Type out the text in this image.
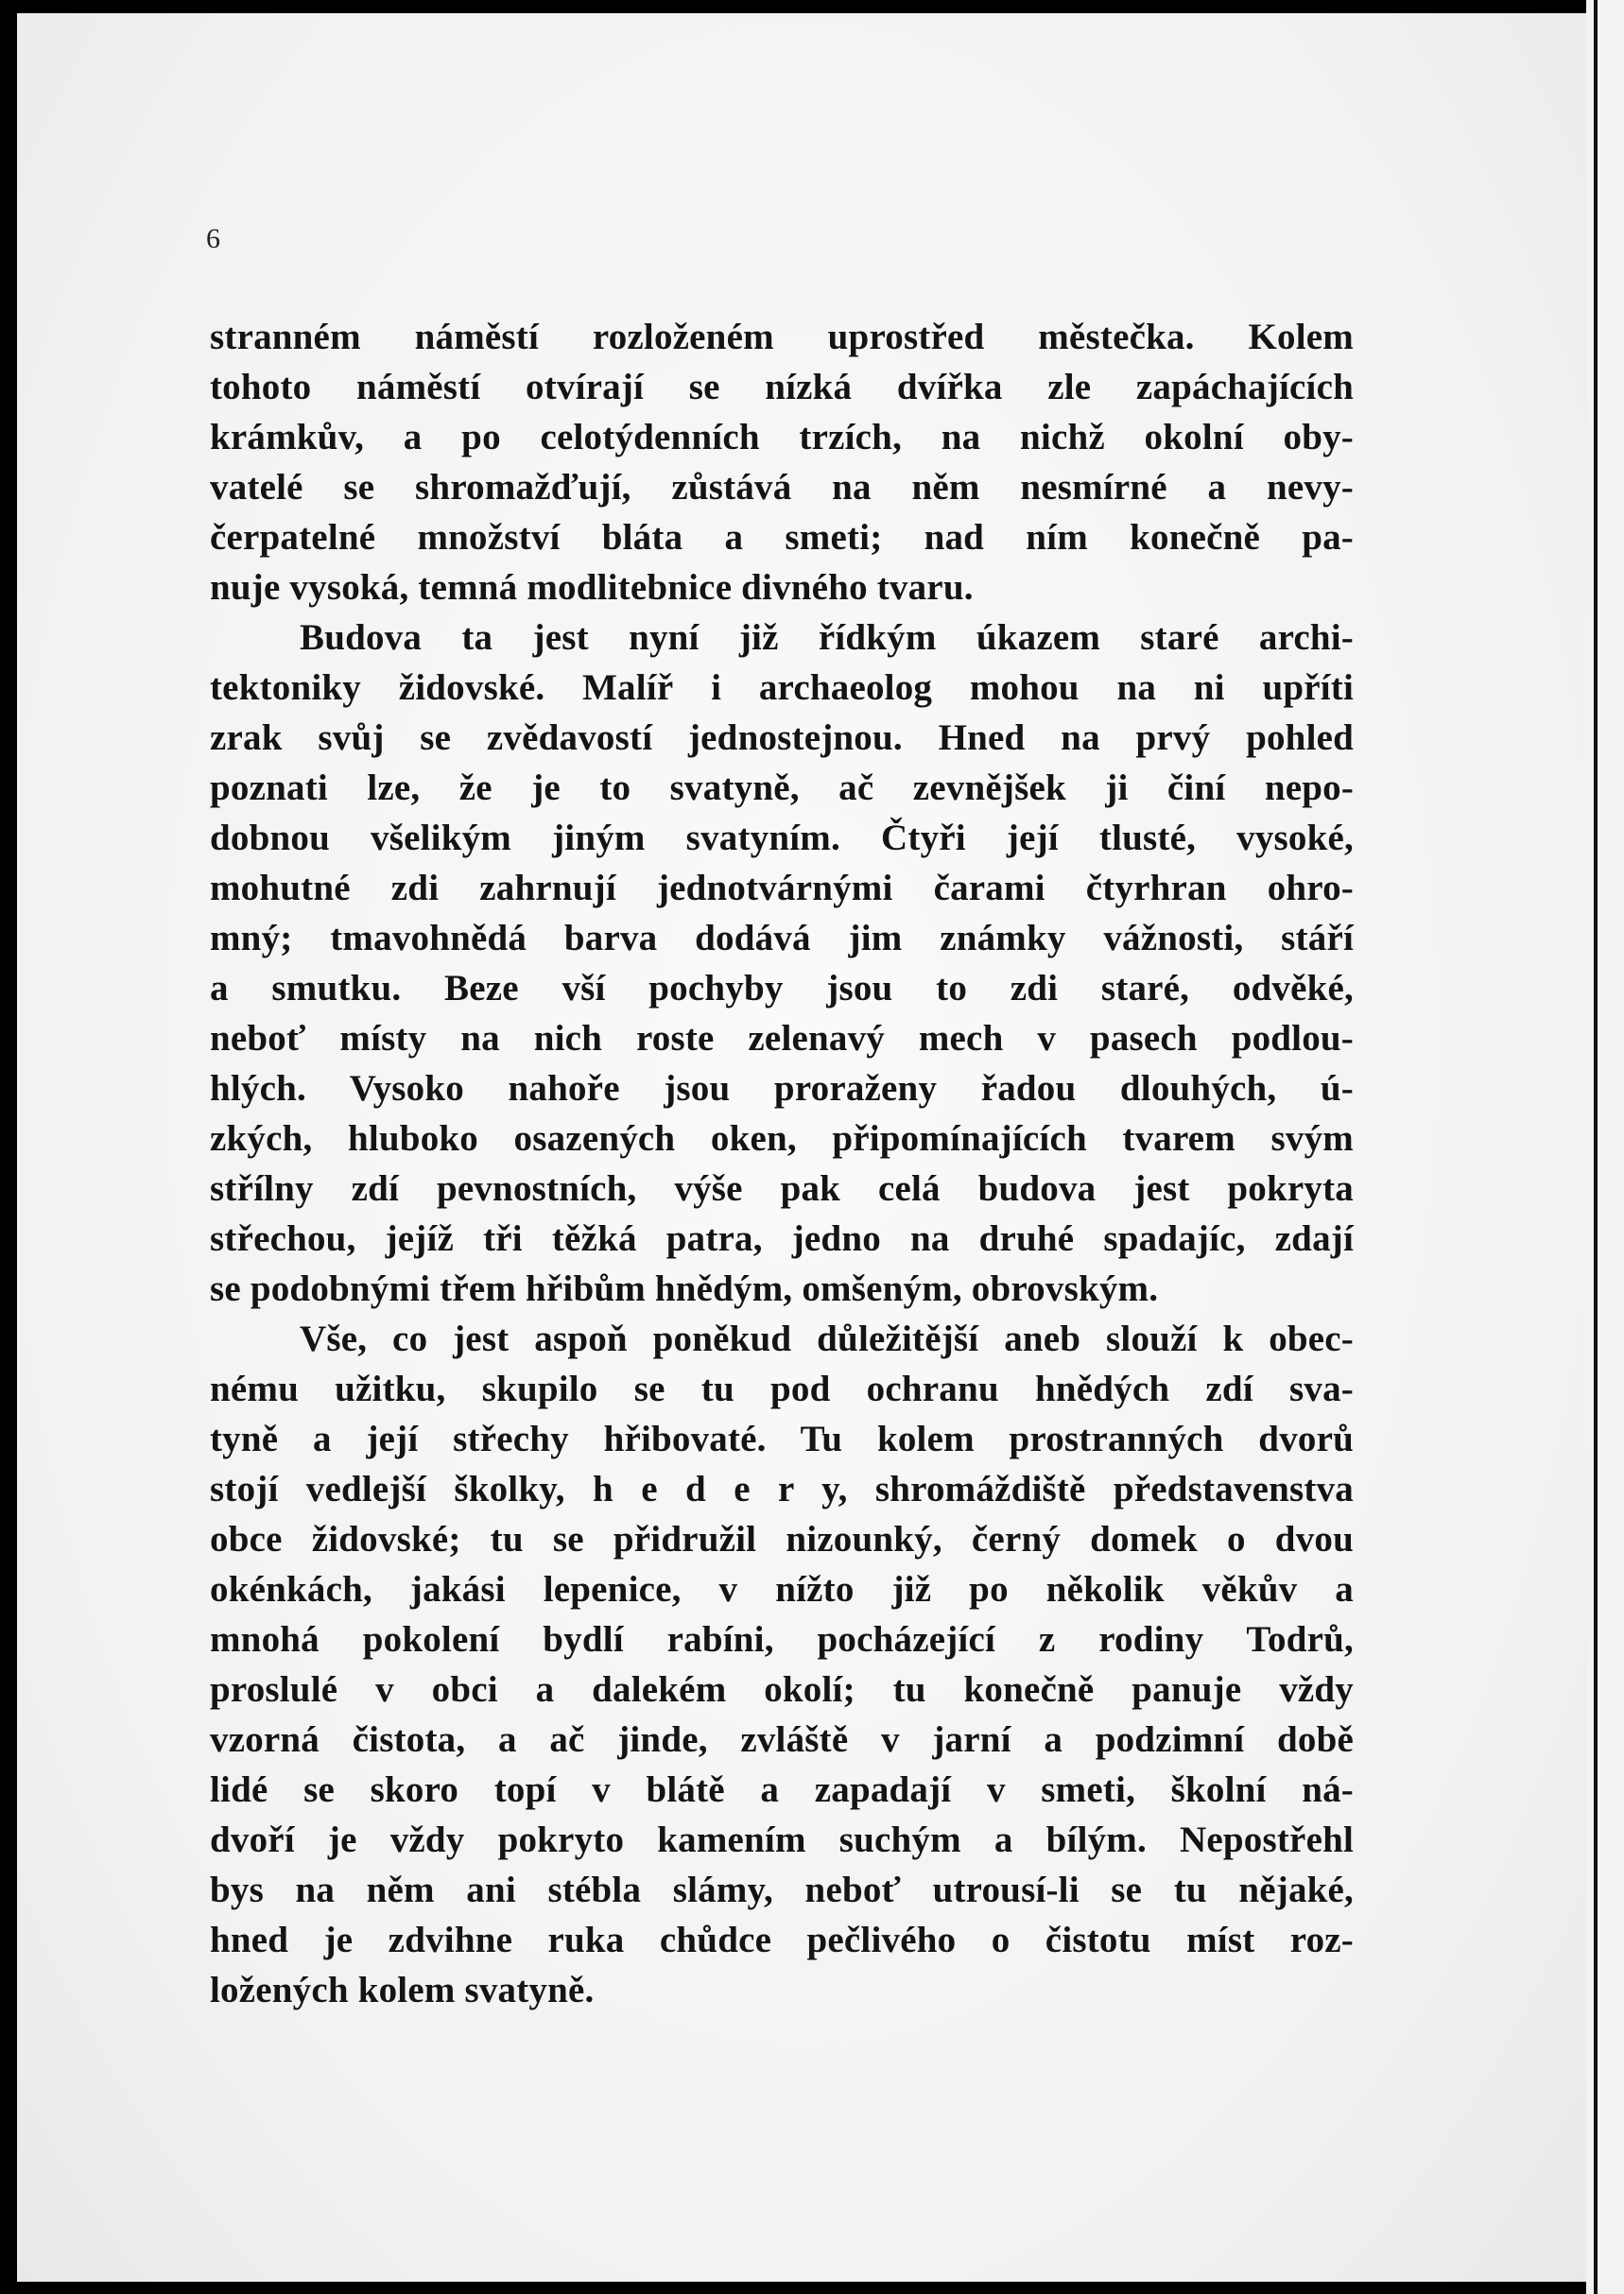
6

stranném náměstí rozloženém uprostřed městečka. Kolem
tohoto náměstí otvírají se nízká dvířka zle zapáchajících
krámkův, a po celotýdenních trzích, na nichž okolní oby-
vatelé se shromažďují, zůstává na něm nesmírné a nevy-
čerpatelné množství bláta a smeti; nad ním konečně pa-
nuje vysoká, temná modlitebnice divného tvaru.

Budova ta jest nyní již řídkým úkazem staré archi-
tektoniky židovské. Malíř i archaeolog mohou na ni upříti
zrak svůj se zvědavostí jednostejnou. Hned na prvý pohled
poznati lze, že je to svatyně, ač zevnějšek ji činí nepo-
dobnou všelikým jiným svatyním. Čtyři její tlusté, vysoké,
mohutné zdi zahrnují jednotvárnými čarami čtyrhran ohro-
mný; tmavohnědá barva dodává jim známky vážnosti, stáří
a smutku. Beze vší pochyby jsou to zdi staré, odvěké,
neboť místy na nich roste zelenavý mech v pasech podlou-
hlých. Vysoko nahoře jsou proraženy řadou dlouhých, ú-
zkých, hluboko osazených oken, připomínajících tvarem svým
střílny zdí pevnostních, výše pak celá budova jest pokryta
střechou, jejíž tři těžká patra, jedno na druhé spadajíc, zdají
se podobnými třem hřibům hnědým, omšeným, obrovským.

Vše, co jest aspoň poněkud důležitější aneb slouží k obec-
nému užitku, skupilo se tu pod ochranu hnědých zdí sva-
tyně a její střechy hřibovaté. Tu kolem prostranných dvorů
stojí vedlejší školky, h e d e r y, shromáždiště představenstva
obce židovské; tu se přidružil nizounký, černý domek o dvou
okénkách, jakási lepenice, v nížto již po několik věkův a
mnohá pokolení bydlí rabíni, pocházející z rodiny Todrů,
proslulé v obci a dalekém okolí; tu konečně panuje vždy
vzorná čistota, a ač jinde, zvláště v jarní a podzimní době
lidé se skoro topí v blátě a zapadají v smeti, školní ná-
dvoří je vždy pokryto kamením suchým a bílým. Nepostřehl
bys na něm ani stébla slámy, neboť utrousí-li se tu nějaké,
hned je zdvihne ruka chůdce pečlivého o čistotu míst roz-
ložených kolem svatyně.
